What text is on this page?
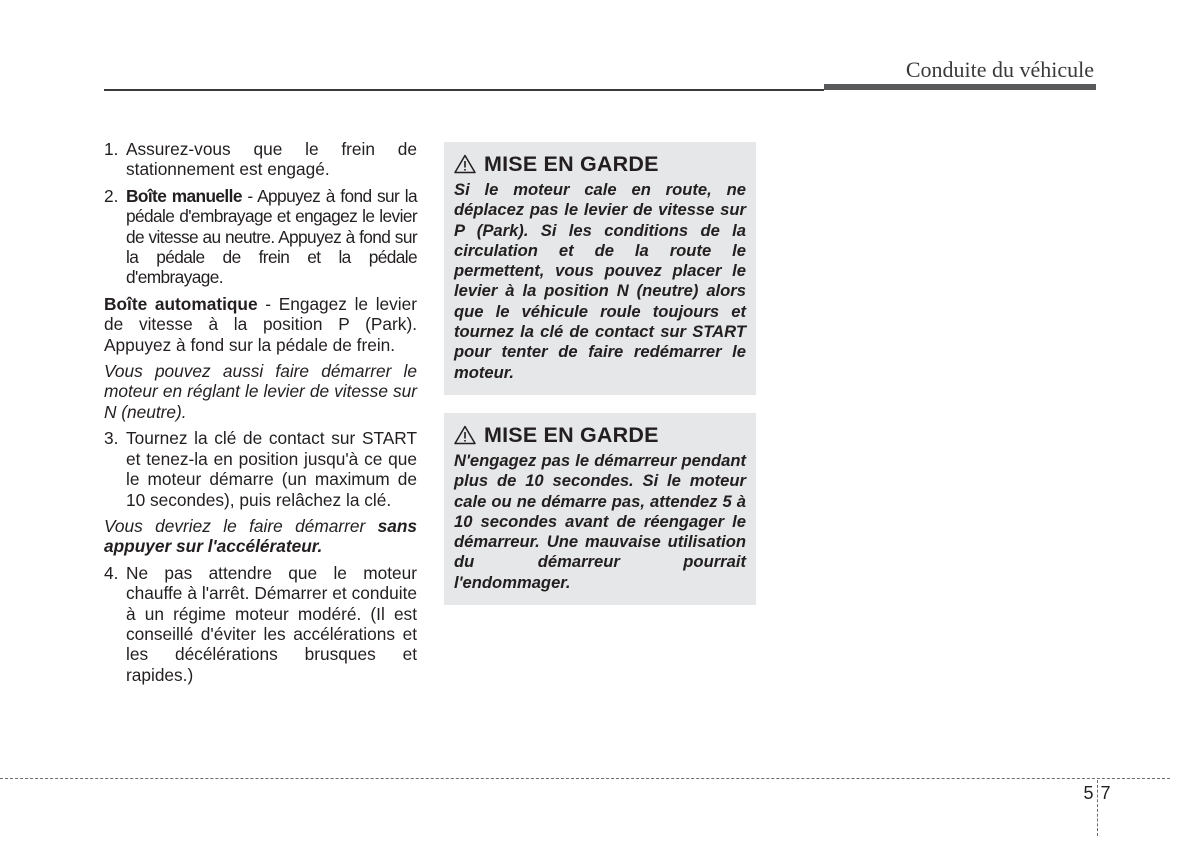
Conduite du véhicule
1. Assurez-vous que le frein de stationnement est engagé.

2. Boîte manuelle - Appuyez à fond sur la pédale d'embrayage et engagez le levier de vitesse au neutre. Appuyez à fond sur la pédale de frein et la pédale d'embrayage.

Boîte automatique - Engagez le levier de vitesse à la position P (Park). Appuyez à fond sur la pédale de frein.

Vous pouvez aussi faire démarrer le moteur en réglant le levier de vitesse sur N (neutre).

3. Tournez la clé de contact sur START et tenez-la en position jusqu'à ce que le moteur démarre (un maximum de 10 secondes), puis relâchez la clé.

Vous devriez le faire démarrer sans appuyer sur l'accélérateur.

4. Ne pas attendre que le moteur chauffe à l'arrêt. Démarrer et conduite à un régime moteur modéré. (Il est conseillé d'éviter les accélérations et les décélérations brusques et rapides.)

MISE EN GARDE

Si le moteur cale en route, ne déplacez pas le levier de vitesse sur P (Park). Si les conditions de la circulation et de la route le permettent, vous pouvez placer le levier à la position N (neutre) alors que le véhicule roule toujours et tournez la clé de contact sur START pour tenter de faire redémarrer le moteur.

MISE EN GARDE

N'engagez pas le démarreur pendant plus de 10 secondes. Si le moteur cale ou ne démarre pas, attendez 5 à 10 secondes avant de réengager le démarreur. Une mauvaise utilisation du démarreur pourrait l'endommager.

5 7
